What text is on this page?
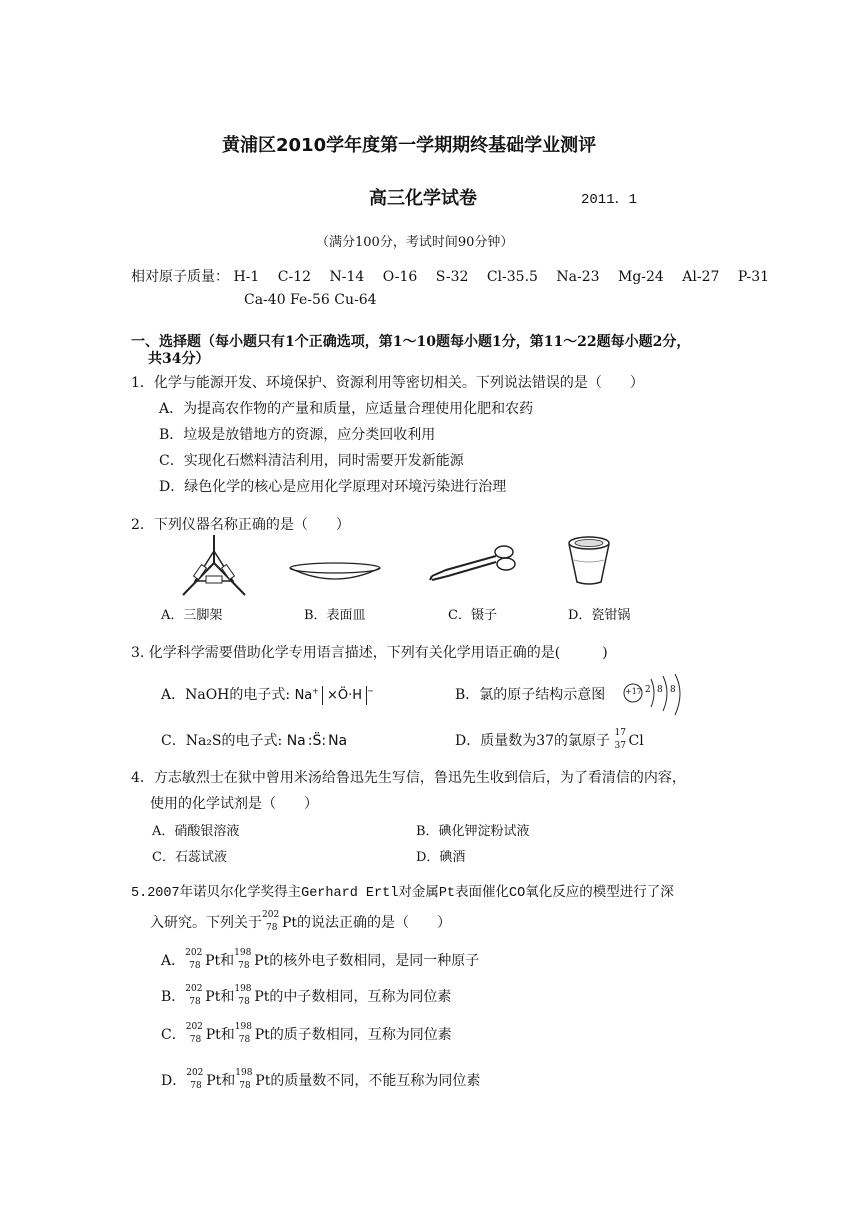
黄浦区2010学年度第一学期期终基础学业测评
高三化学试卷	2011．1
（满分100分，考试时间90分钟）
相对原子质量： H-1 C-12 N-14 O-16 S-32 Cl-35.5 Na-23 Mg-24 Al-27 P-31
Ca-40 Fe-56 Cu-64
一、选择题（每小题只有1个正确选项，第1～10题每小题1分，第11～22题每小题2分，
共34分）
1．化学与能源开发、环境保护、资源利用等密切相关。下列说法错误的是（　　）
A．为提高农作物的产量和质量，应适量合理使用化肥和农药
B．垃圾是放错地方的资源，应分类回收利用
C．实现化石燃料清洁利用，同时需要开发新能源
D．绿色化学的核心是应用化学原理对环境污染进行治理
2．下列仪器名称正确的是（　　）
A．三脚架	B．表面皿	C．镊子	D．瓷钳锅
3. 化学科学需要借助化学专用语言描述，下列有关化学用语正确的是(　　　)
A．NaOH的电子式: Na+ ×Ö·H −	B．氯的原子结构示意图 +17 2 8 8
C．Na₂S的电子式: Na :S̈: Na	D．质量数为37的氯原子 17
37 Cl
4．方志敏烈士在狱中曾用米汤给鲁迅先生写信，鲁迅先生收到信后，为了看清信的内容，
使用的化学试剂是（　　）
A．硝酸银溶液	B．碘化钾淀粉试液
C．石蕊试液	D．碘酒
5.2007年诺贝尔化学奖得主Gerhard Ertl对金属Pt表面催化CO氧化反应的模型进行了深
入研究。下列关于 202
78 Pt的说法正确的是（　　）
A． 202
78 Pt和 198
78 Pt的核外电子数相同，是同一种原子
B． 202
78 Pt和 198
78 Pt的中子数相同，互称为同位素
C． 202
78 Pt和 198
78 Pt的质子数相同，互称为同位素
D． 202
78 Pt和 198
78 Pt的质量数不同，不能互称为同位素
